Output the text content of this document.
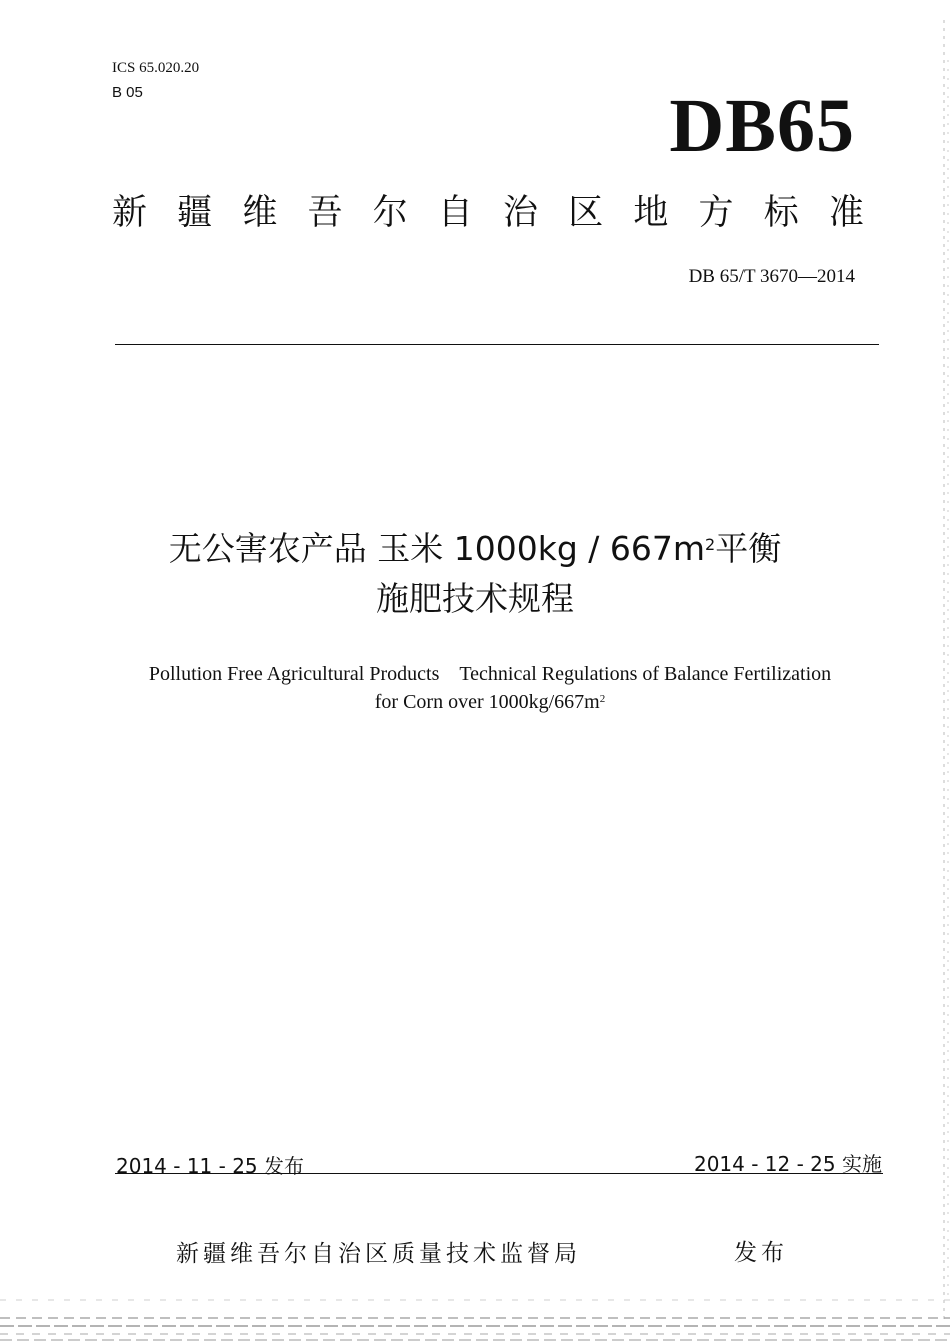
ICS 65.020.20
B 05	DB65
新 疆 维 吾 尔 自 治 区 地 方 标 准
DB 65/T 3670—2014
无公害农产品 玉米 $1000kg / 667m^2$平衡
施肥技术规程
Pollution Free Agricultural Products Technical Regulations of Balance Fertilization
for Corn over $1000kg/667m^2$
2014 - 11 - 25 发布	2014 - 12 - 25 实施
新疆维吾尔自治区质量技术监督局	发布
